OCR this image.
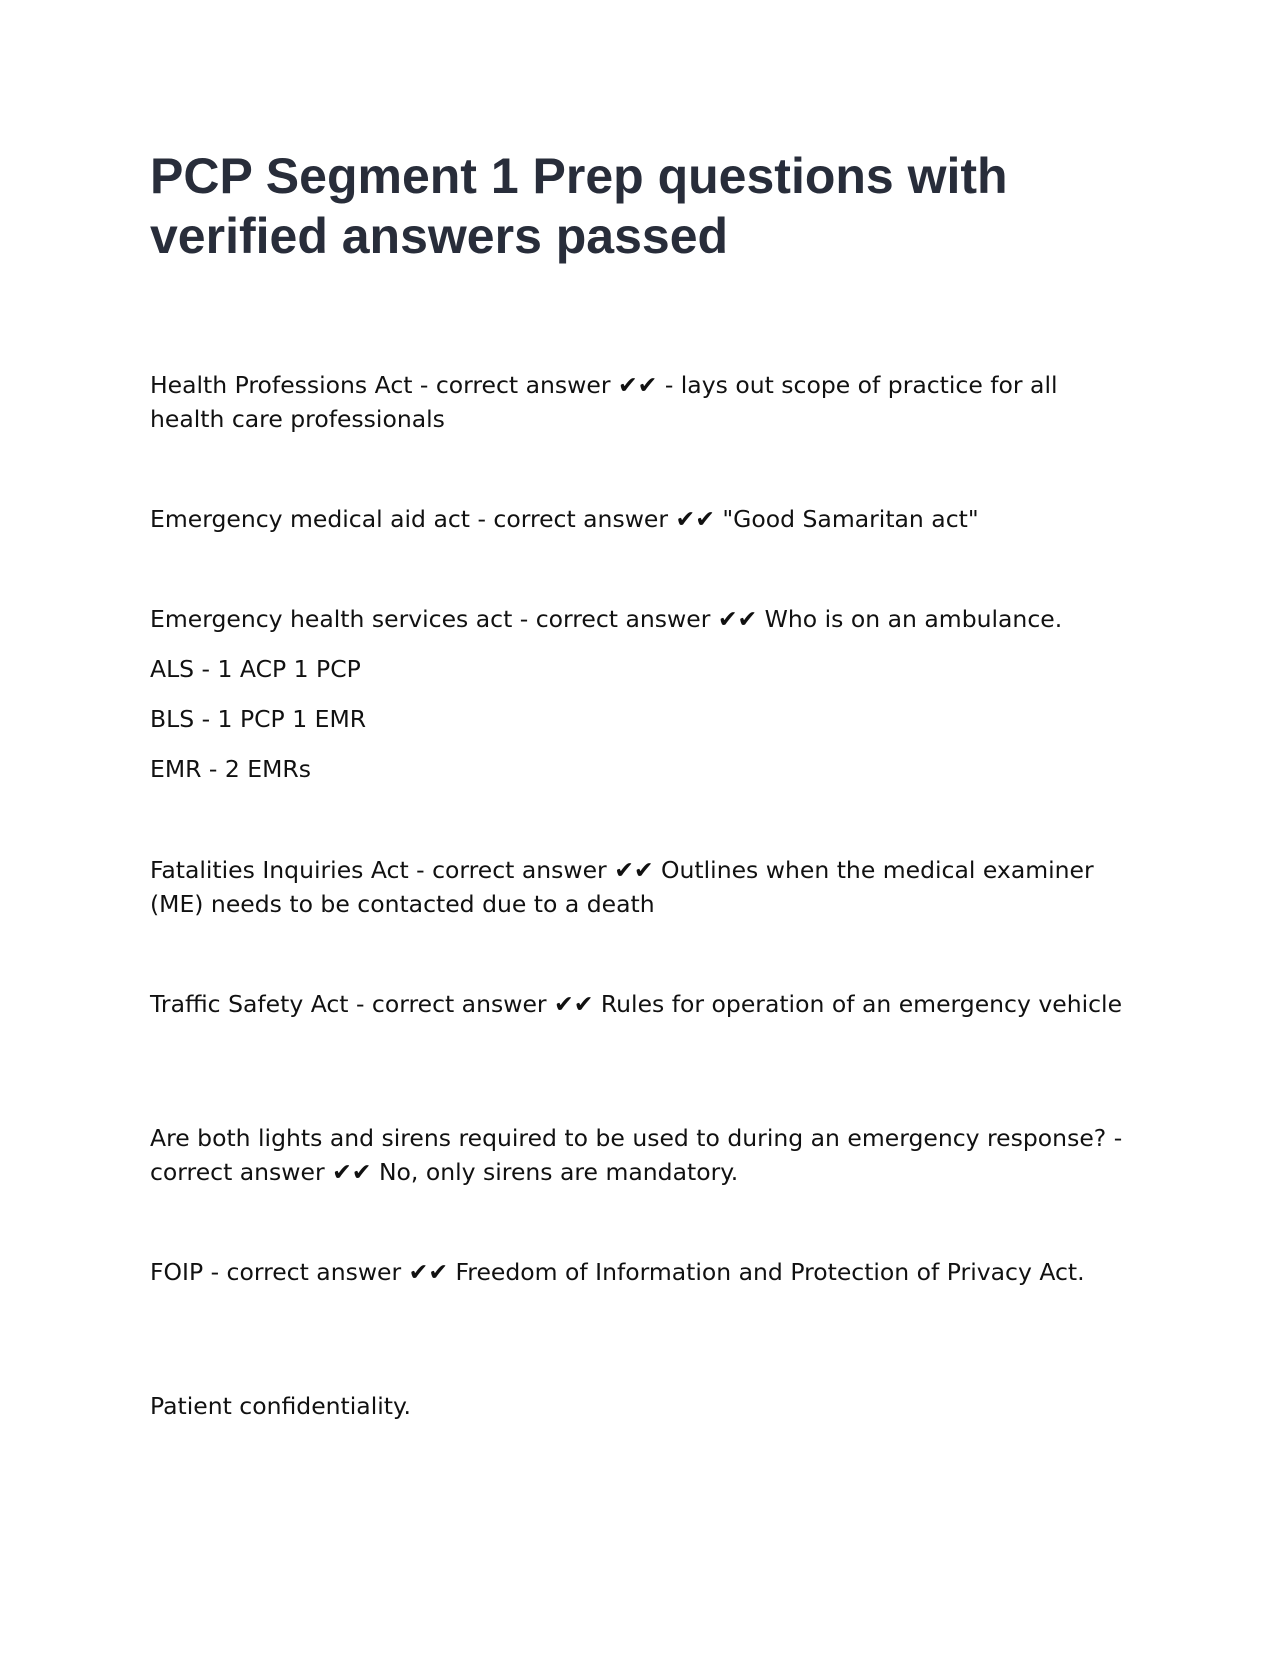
PCP Segment 1 Prep questions with verified answers passed

Health Professions Act - correct answer ✔✔ - lays out scope of practice for all health care professionals

Emergency medical aid act - correct answer ✔✔ "Good Samaritan act"

Emergency health services act - correct answer ✔✔ Who is on an ambulance.

ALS - 1 ACP 1 PCP

BLS - 1 PCP 1 EMR

EMR - 2 EMRs

Fatalities Inquiries Act - correct answer ✔✔ Outlines when the medical examiner (ME) needs to be contacted due to a death

Traffic Safety Act - correct answer ✔✔ Rules for operation of an emergency vehicle

Are both lights and sirens required to be used to during an emergency response? - correct answer ✔✔ No, only sirens are mandatory.

FOIP - correct answer ✔✔ Freedom of Information and Protection of Privacy Act.

Patient confidentiality.
